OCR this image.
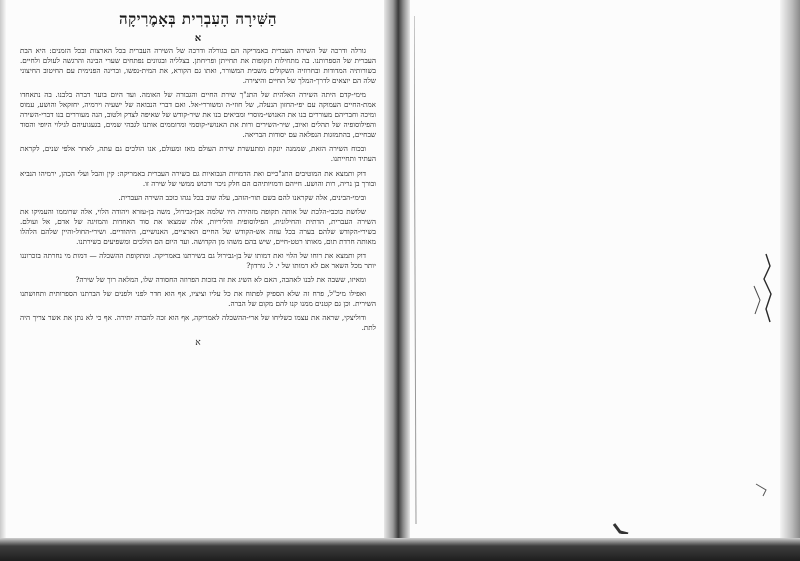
הַשִּׁירָה הָעִבְרִית בְּאָמֶרִיקָה
א

גורלה ודרכה של השירה העברית באמריקה הם בגורלה ודרכה של השירה העברית בכל הארצות ובכל הזמנים: היא הבת העברית של הספרותנו. בה מתחילות תקופות את תחייתן ופריחתן. בצלליה ובגוונים נפתחים שערי הבינה והרגשה לעולם ולחיים. בשורותיה המדודות ובחרוזיה השקולים משבית המשורר, ואתו גם הקורא, את המית-נפשו, וברינה הפנימית עם החיטוב החיצוני שלה הם יוצאים לדרך-המלך של החיים והיצירה.

מימי-קדם היתה השירה האלהית של התנ"ך שירת החיים והגבורה של האומה. ועד היום בוער דברה בלבנו. בה נתאחדו אמת-החיים העמוקה עם יפי-החזון הנעלה, של חוזי-ה ומשוררי-אל. ואם דברי הנבואה של ישעיה וירמיה, יחזקאל והושע, עמוס ומיכה וחבריהם מעוררים בנו את האנושי-מוסרי ומביאים בנו את שיר-קודש של שאיפה לצדק ולטוב, הנה מעוררים בנו דברי-השירה והפילוסופיה של תהלים ואיוב, שיר-השירים ורות את האנושי-קוסמי ומרוממים אותנו לגבהי שמים, בגעגועיהם לגילוי היופי והסוד שבחיים, בהתמזגות הנפלאה עם יסודות הבריאה.

ובכוח השירה הזאת, שממנה יונקת ומתעשרת שירת העולם מאז ומעולם, אנו הולכים גם עתה, לאחר אלפי שנים, לקראת העתיד ותחייתנו.

דוק ותמצא את המוטיבים התנ"כיים ואת הדמויות הנבואיות גם בשירה העברית באמריקה: קין והבל ועלי הכהן, ירמיהו הנביא ובורך בן נריה, רות והושע. חייהם ודמויותיהם הם חלק ניכר ורכוש ממשי של שירה זו.

ובימי-הבינים, אלה שקראנו להם בשם תור-הזהב, עלה שוב בכל נגהו כוכב השירה העברית.

שלושת כוכבי-הלכת של אותה תקופה מזהירה היו שלמה אבן-גבירול, משה בן-עזרא ויהודה הלוי, אלה שרוממו והעמיקו את השירה העברית, הדתית והחילונית, הפילוסופית והליריות, אלה שמצאו את סוד האחדות והמזיגה של אדם, אל ועולם. בשירי-הקודש שלהם בערה בכל עוזה אש-הקודש של החיים הארציים, האנושיים, היהודיים. ושירי-החול-והיין שלהם הלהלו מאותה חרדת תום, מאותו רטט-חיים, שיש בהם משהו מן הקדושה. ועד היום הם הולכים ומשפיעים בשירתנו.

דוק ותמצא את רוחו של הלוי ואת דמותו של בן-גבירול גם בשירתנו באמריקה. ומתקופת ההשכלה — דמות מי נחרתה בזכרוננו יותר מכל השאר אם לא דמותו של י. ל. גורדון?

ומאיזו, ששבה את לבנו לאהבה, האם לא השיג את זה בזכות הפרוזה החסודה שלו, המלאה רוך של שירה?

ואפילו מיכ"ל, פרח זה שלא הספיק לפתוח את כל עליו וציציו, אף הוא חדר לפני ולפנים של הברתנו הספרותית ותחושתנו השירית. וכן גם קטנים ממנו קנו להם מקום של הברה.

ודוליצקי, שראה את עצמו כשליחו של ארי-ההשכלה לאמריקה, אף הוא זכה להברה יתירה. אף כי לא נתן את אשר צריך היה לתת.

א
